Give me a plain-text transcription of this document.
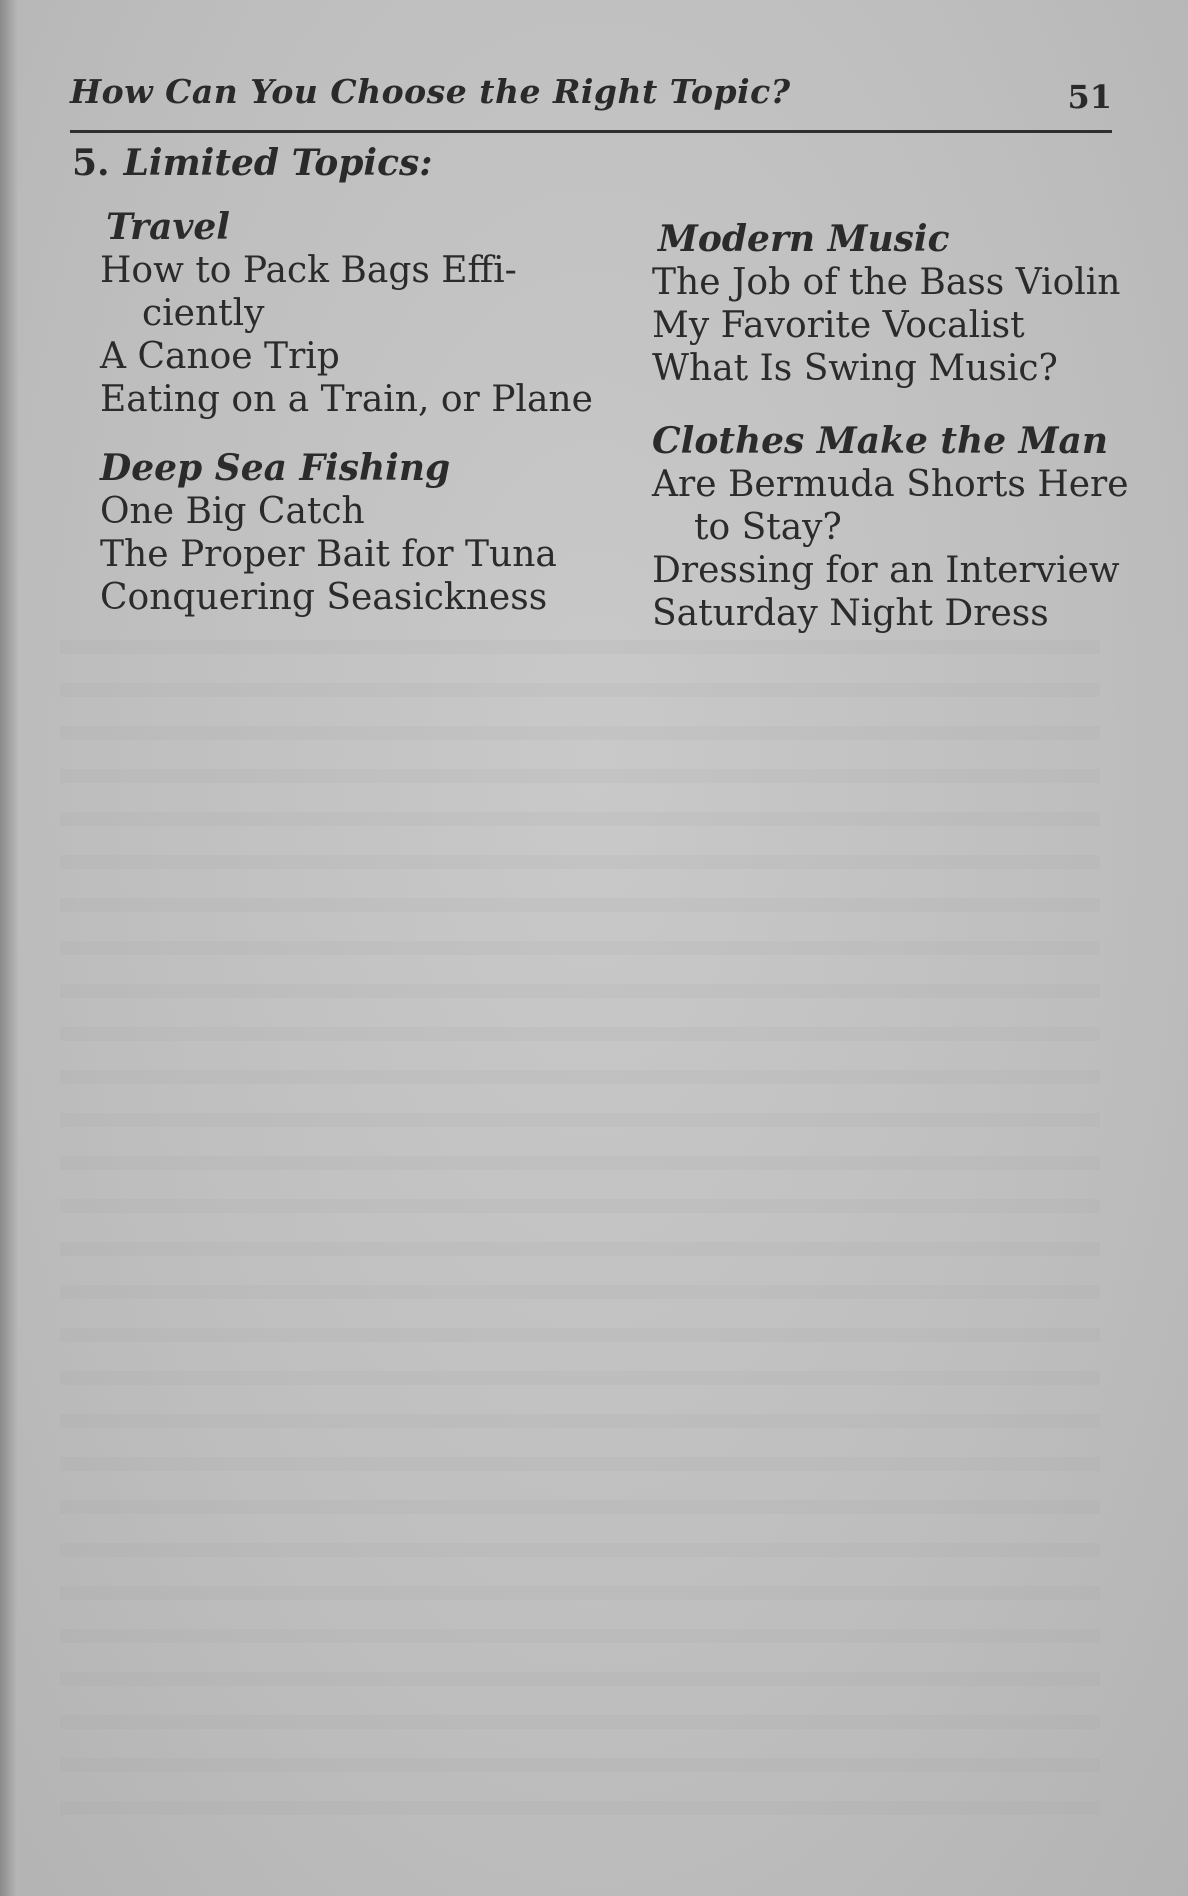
How Can You Choose the Right Topic?	51
5. Limited Topics:
Travel
How to Pack Bags Effi-
ciently
A Canoe Trip
Eating on a Train, or Plane
Deep Sea Fishing
One Big Catch
The Proper Bait for Tuna
Conquering Seasickness
Modern Music
The Job of the Bass Violin
My Favorite Vocalist
What Is Swing Music?
Clothes Make the Man
Are Bermuda Shorts Here
to Stay?
Dressing for an Interview
Saturday Night Dress
